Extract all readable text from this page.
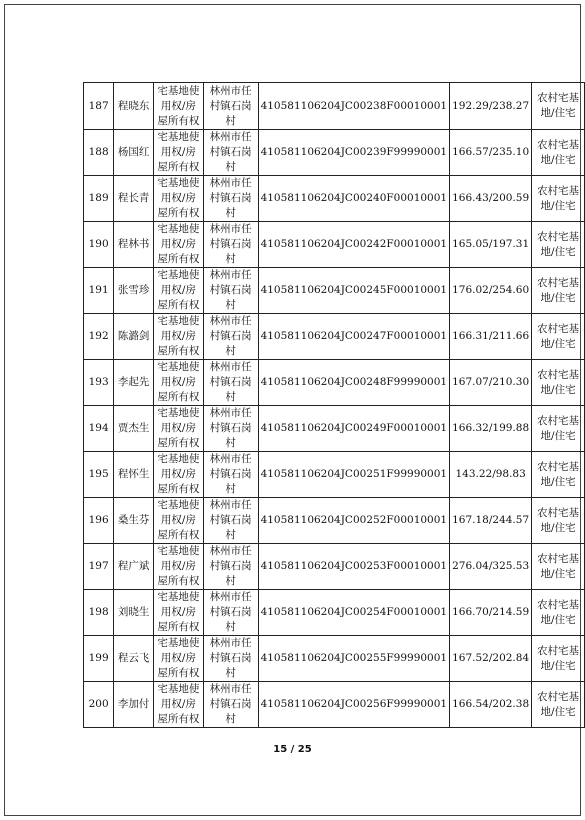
187	程晓东	宅基地使用权/房屋所有权	林州市任村镇石岗村	410581106204JC00238F00010001	192.29/238.27	农村宅基地/住宅
188	杨国红	宅基地使用权/房屋所有权	林州市任村镇石岗村	410581106204JC00239F99990001	166.57/235.10	农村宅基地/住宅
189	程长青	宅基地使用权/房屋所有权	林州市任村镇石岗村	410581106204JC00240F00010001	166.43/200.59	农村宅基地/住宅
190	程林书	宅基地使用权/房屋所有权	林州市任村镇石岗村	410581106204JC00242F00010001	165.05/197.31	农村宅基地/住宅
191	张雪珍	宅基地使用权/房屋所有权	林州市任村镇石岗村	410581106204JC00245F00010001	176.02/254.60	农村宅基地/住宅
192	陈潞剑	宅基地使用权/房屋所有权	林州市任村镇石岗村	410581106204JC00247F00010001	166.31/211.66	农村宅基地/住宅
193	李起先	宅基地使用权/房屋所有权	林州市任村镇石岗村	410581106204JC00248F99990001	167.07/210.30	农村宅基地/住宅
194	贾杰生	宅基地使用权/房屋所有权	林州市任村镇石岗村	410581106204JC00249F00010001	166.32/199.88	农村宅基地/住宅
195	程怀生	宅基地使用权/房屋所有权	林州市任村镇石岗村	410581106204JC00251F99990001	143.22/98.83	农村宅基地/住宅
196	桑生芬	宅基地使用权/房屋所有权	林州市任村镇石岗村	410581106204JC00252F00010001	167.18/244.57	农村宅基地/住宅
197	程广斌	宅基地使用权/房屋所有权	林州市任村镇石岗村	410581106204JC00253F00010001	276.04/325.53	农村宅基地/住宅
198	刘晓生	宅基地使用权/房屋所有权	林州市任村镇石岗村	410581106204JC00254F00010001	166.70/214.59	农村宅基地/住宅
199	程云飞	宅基地使用权/房屋所有权	林州市任村镇石岗村	410581106204JC00255F99990001	167.52/202.84	农村宅基地/住宅
200	李加付	宅基地使用权/房屋所有权	林州市任村镇石岗村	410581106204JC00256F99990001	166.54/202.38	农村宅基地/住宅
15 / 25
